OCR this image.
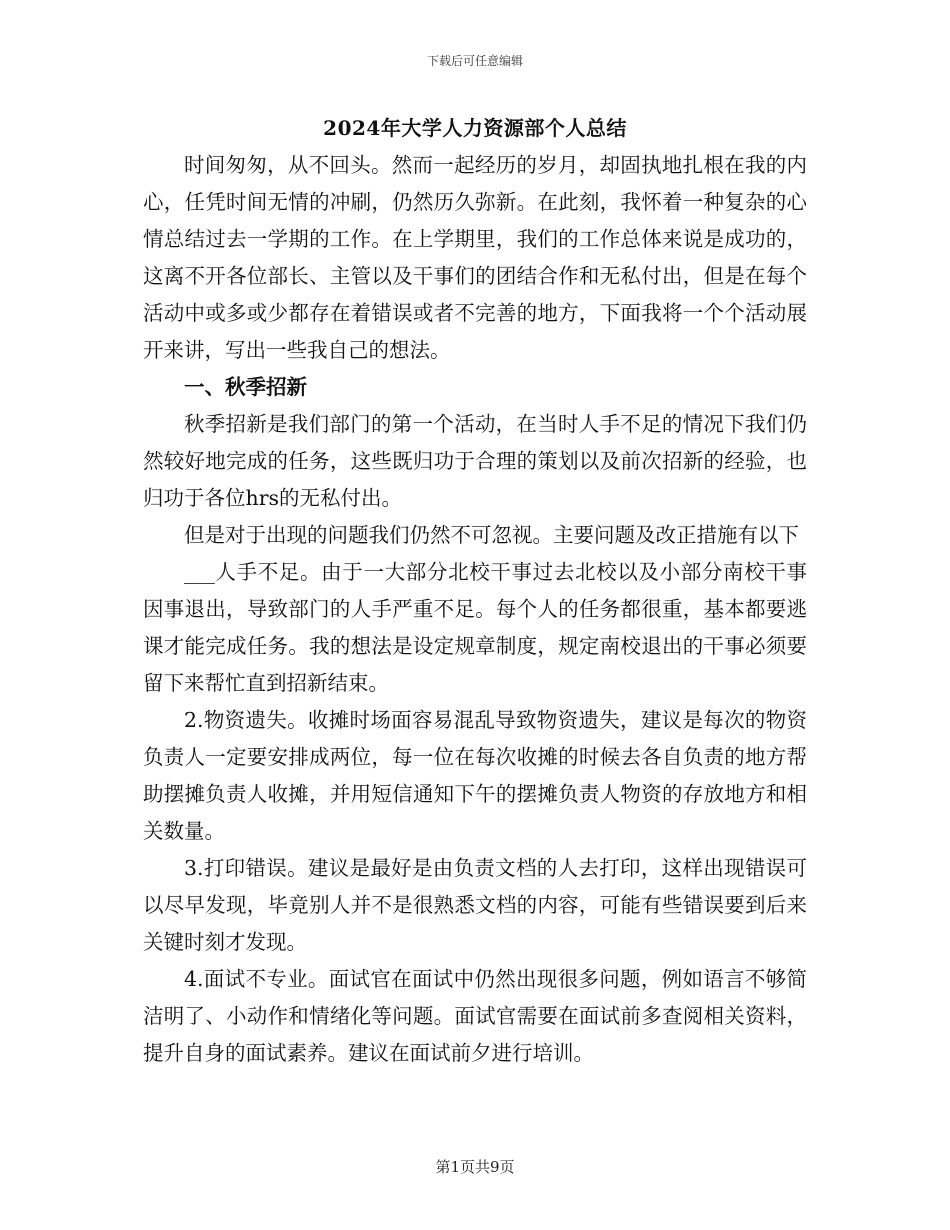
下载后可任意编辑
2024年大学人力资源部个人总结

时间匆匆，从不回头。然而一起经历的岁月，却固执地扎根在我的内心，任凭时间无情的冲刷，仍然历久弥新。在此刻，我怀着一种复杂的心情总结过去一学期的工作。在上学期里，我们的工作总体来说是成功的，这离不开各位部长、主管以及干事们的团结合作和无私付出，但是在每个活动中或多或少都存在着错误或者不完善的地方，下面我将一个个活动展开来讲，写出一些我自己的想法。

一、秋季招新

秋季招新是我们部门的第一个活动，在当时人手不足的情况下我们仍然较好地完成的任务，这些既归功于合理的策划以及前次招新的经验，也归功于各位hrs的无私付出。

但是对于出现的问题我们仍然不可忽视。主要问题及改正措施有以下

___人手不足。由于一大部分北校干事过去北校以及小部分南校干事因事退出，导致部门的人手严重不足。每个人的任务都很重，基本都要逃课才能完成任务。我的想法是设定规章制度，规定南校退出的干事必须要留下来帮忙直到招新结束。

2.物资遗失。收摊时场面容易混乱导致物资遗失，建议是每次的物资负责人一定要安排成两位，每一位在每次收摊的时候去各自负责的地方帮助摆摊负责人收摊，并用短信通知下午的摆摊负责人物资的存放地方和相关数量。

3.打印错误。建议是最好是由负责文档的人去打印，这样出现错误可以尽早发现，毕竟别人并不是很熟悉文档的内容，可能有些错误要到后来关键时刻才发现。

4.面试不专业。面试官在面试中仍然出现很多问题，例如语言不够简洁明了、小动作和情绪化等问题。面试官需要在面试前多查阅相关资料，提升自身的面试素养。建议在面试前夕进行培训。

第1页共9页
